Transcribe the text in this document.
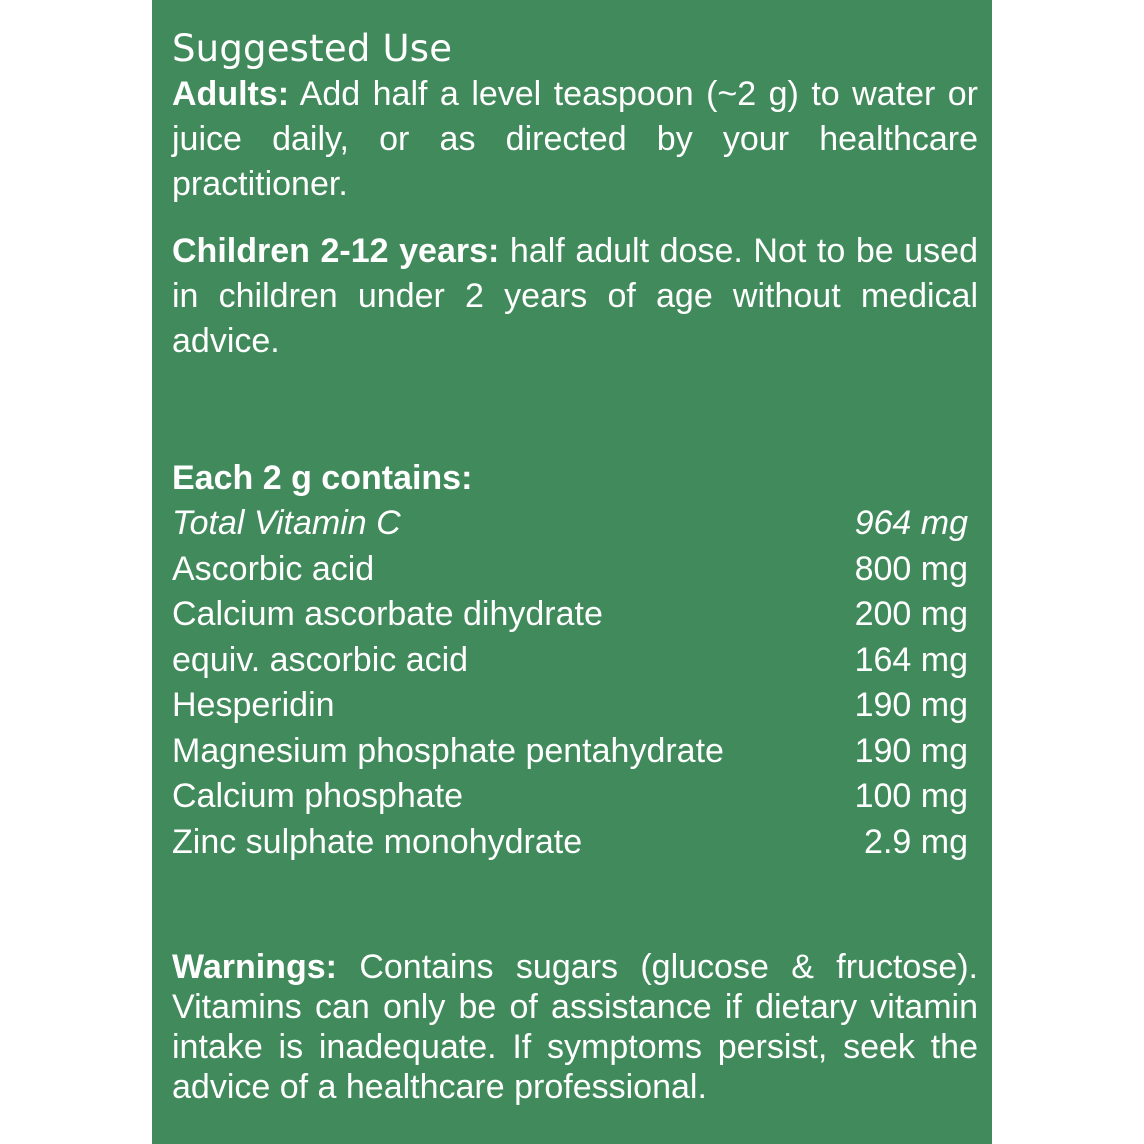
Suggested Use

Adults: Add half a level teaspoon (~2 g) to water or juice daily, or as directed by your healthcare practitioner.

Children 2-12 years: half adult dose. Not to be used in children under 2 years of age without medical advice.

Each 2 g contains:

Total Vitamin C	964 mg
Ascorbic acid	800 mg
Calcium ascorbate dihydrate	200 mg
equiv. ascorbic acid	164 mg
Hesperidin	190 mg
Magnesium phosphate pentahydrate	190 mg
Calcium phosphate	100 mg
Zinc sulphate monohydrate	2.9 mg

Warnings: Contains sugars (glucose & fructose). Vitamins can only be of assistance if dietary vitamin intake is inadequate. If symptoms persist, seek the advice of a healthcare professional.
